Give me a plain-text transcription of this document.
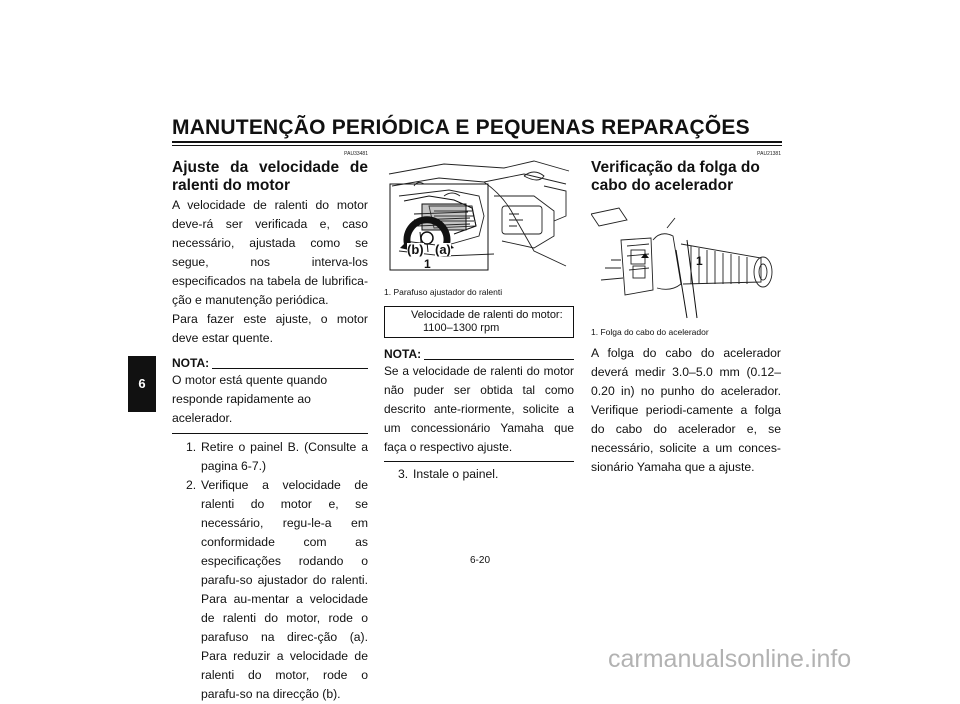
MANUTENÇÃO PERIÓDICA E PEQUENAS REPARAÇÕES
6
PAU33481
Ajuste da velocidade de ralenti do motor
A velocidade de ralenti do motor deve-rá ser verificada e, caso necessário, ajustada como se segue, nos interva-los especificados na tabela de lubrifica-ção e manutenção periódica.
Para fazer este ajuste, o motor deve estar quente.
NOTA:
O motor está quente quando responde rapidamente ao acelerador.
1. Retire o painel B. (Consulte a pagina 6-7.)
2. Verifique a velocidade de ralenti do motor e, se necessário, regu-le-a em conformidade com as especificações rodando o parafu-so ajustador do ralenti. Para au-mentar a velocidade de ralenti do motor, rode o parafuso na direc-ção (a). Para reduzir a velocidade de ralenti do motor, rode o parafu-so na direcção (b).
(b) (a)
1
1. Parafuso ajustador do ralenti
Velocidade de ralenti do motor:
1100–1300 rpm
NOTA:
Se a velocidade de ralenti do motor não puder ser obtida tal como descrito ante-riormente, solicite a um concessionário Yamaha que faça o respectivo ajuste.
3. Instale o painel.
PAU21381
Verificação da folga do cabo do acelerador
1
1. Folga do cabo do acelerador
A folga do cabo do acelerador deverá medir 3.0–5.0 mm (0.12–0.20 in) no punho do acelerador. Verifique periodi-camente a folga do cabo do acelerador e, se necessário, solicite a um conces-sionário Yamaha que a ajuste.
6-20
carmanualsonline.info
